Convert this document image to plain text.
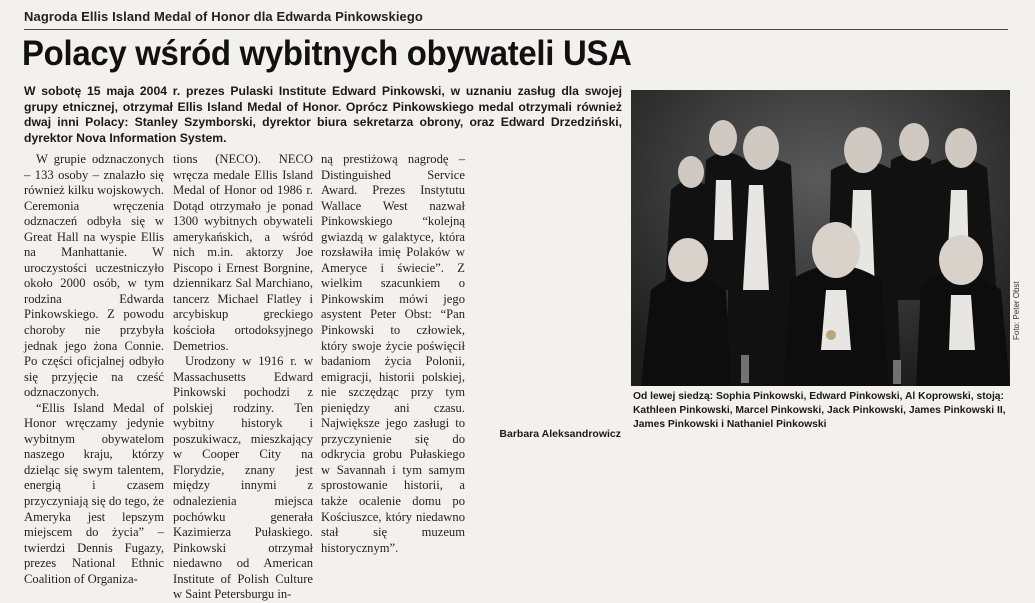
Nagroda Ellis Island Medal of Honor dla Edwarda Pinkowskiego
Polacy wśród wybitnych obywateli USA
W sobotę 15 maja 2004 r. prezes Pulaski Institute Edward Pinkowski, w uznaniu zasług dla swojej grupy etnicznej, otrzymał Ellis Island Medal of Honor. Oprócz Pinkowskiego medal otrzymali również dwaj inni Polacy: Stanley Szymborski, dyrektor biura sekretarza obrony, oraz Edward Drzedziński, dyrektor Nova Information System.

W grupie odznaczonych – 133 osoby – znalazło się również kilku wojskowych. Ceremonia wręczenia odznaczeń odbyła się w Great Hall na wyspie Ellis na Manhattanie. W uroczystości uczestniczyło około 2000 osób, w tym rodzina Edwarda Pinkowskiego. Z powodu choroby nie przybyła jednak jego żona Connie. Po części oficjalnej odbyło się przyjęcie na cześć odznaczonych.

“Ellis Island Medal of Honor wręczamy jedynie wybitnym obywatelom naszego kraju, którzy dzieląc się swym talentem, energią i czasem przyczyniają się do tego, że Ameryka jest lepszym miejscem do życia” – twierdzi Dennis Fugazy, prezes National Ethnic Coalition of Organiza-

tions (NECO). NECO wręcza medale Ellis Island Medal of Honor od 1986 r. Dotąd otrzymało je ponad 1300 wybitnych obywateli amerykańskich, a wśród nich m.in. aktorzy Joe Piscopo i Ernest Borgnine, dziennikarz Sal Marchiano, tancerz Michael Flatley i arcybiskup greckiego kościoła ortodoksyjnego Demetrios.

Urodzony w 1916 r. w Massachusetts Edward Pinkowski pochodzi z polskiej rodziny. Ten wybitny historyk i poszukiwacz, mieszkający w Cooper City na Florydzie, znany jest między innymi z odnalezienia miejsca pochówku generała Kazimierza Pułaskiego. Pinkowski otrzymał niedawno od American Institute of Polish Culture w Saint Petersburgu in-

ną prestiżową nagrodę – Distinguished Service Award. Prezes Instytutu Wallace West nazwał Pinkowskiego “kolejną gwiazdą w galaktyce, która rozsławiła imię Polaków w Ameryce i świecie”. Z wielkim szacunkiem o Pinkowskim mówi jego asystent Peter Obst: “Pan Pinkowski to człowiek, który swoje życie poświęcił badaniom życia Polonii, emigracji, historii polskiej, nie szczędząc przy tym pieniędzy ani czasu. Największe jego zasługi to przyczynienie się do odkrycia grobu Pułaskiego w Savannah i tym samym sprostowanie historii, a także ocalenie domu po Kościuszce, który niedawno stał się muzeum historycznym”.

Barbara Aleksandrowicz
Foto: Peter Obst
Od lewej siedzą: Sophia Pinkowski, Edward Pinkowski, Al Koprowski, stoją: Kathleen Pinkowski, Marcel Pinkowski, Jack Pinkowski, James Pinkowski II, James Pinkowski i Nathaniel Pinkowski
